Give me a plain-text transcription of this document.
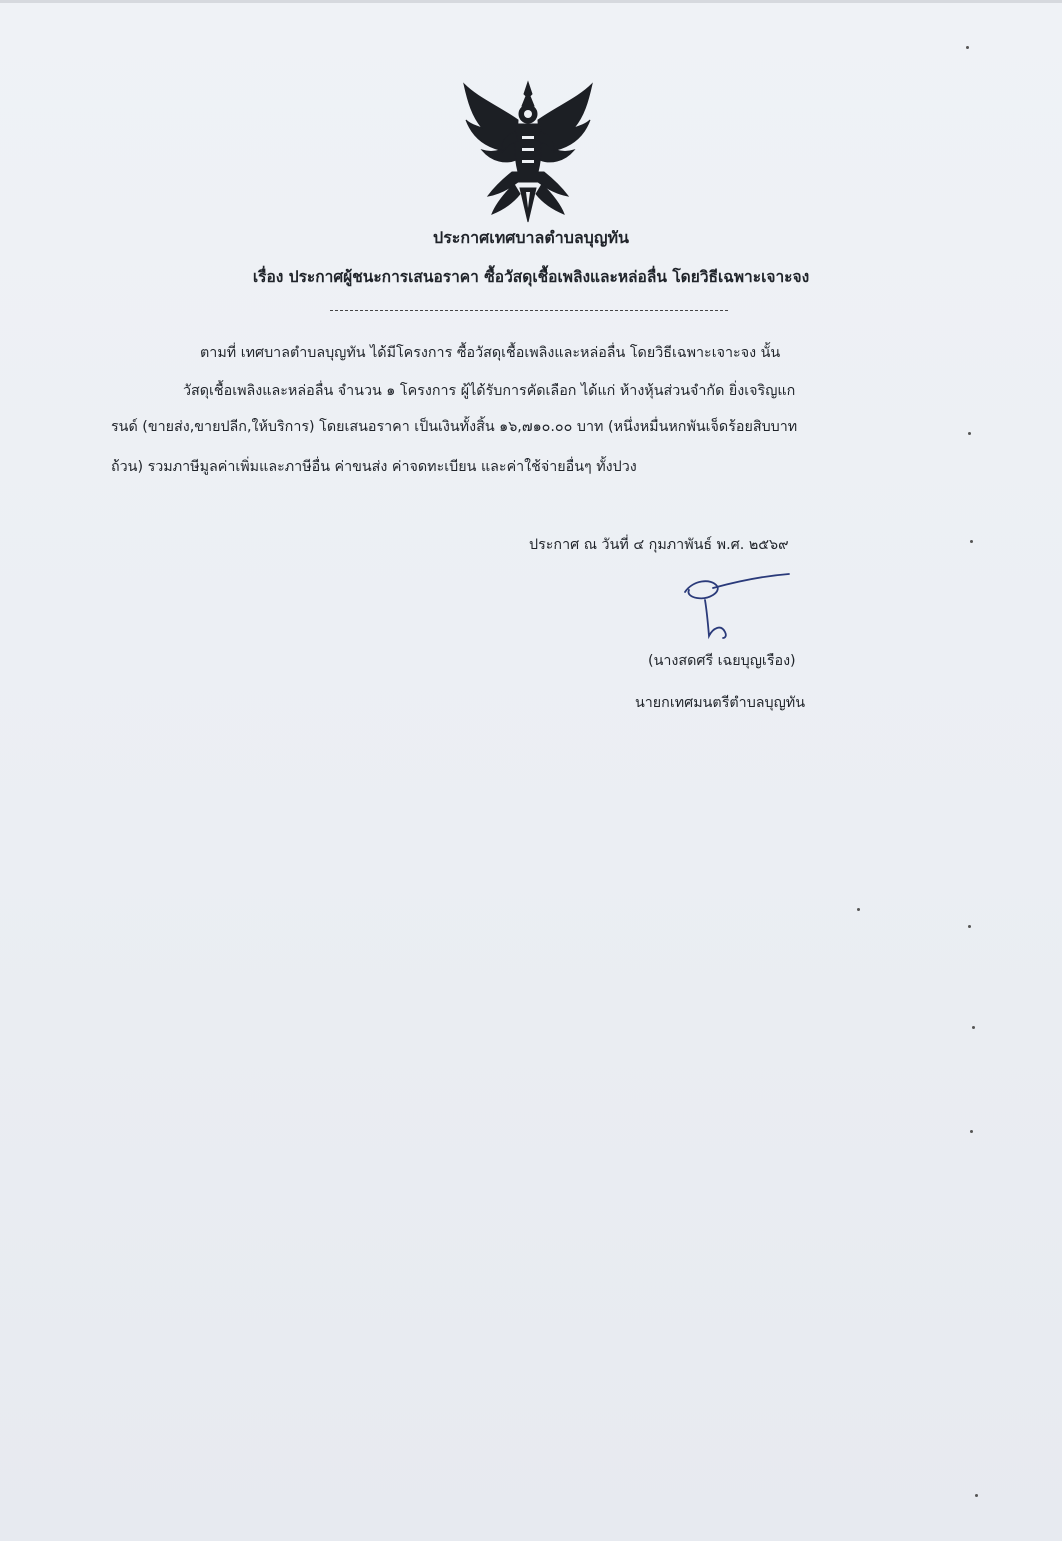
ประกาศเทศบาลตำบลบุญทัน
เรื่อง ประกาศผู้ชนะการเสนอราคา ซื้อวัสดุเชื้อเพลิงและหล่อลื่น โดยวิธีเฉพาะเจาะจง
ตามที่ เทศบาลตำบลบุญทัน ได้มีโครงการ ซื้อวัสดุเชื้อเพลิงและหล่อลื่น โดยวิธีเฉพาะเจาะจง นั้น
วัสดุเชื้อเพลิงและหล่อลื่น จำนวน ๑ โครงการ ผู้ได้รับการคัดเลือก ได้แก่ ห้างหุ้นส่วนจำกัด ยิ่งเจริญแก
รนด์ (ขายส่ง,ขายปลีก,ให้บริการ) โดยเสนอราคา เป็นเงินทั้งสิ้น ๑๖,๗๑๐.๐๐ บาท (หนึ่งหมื่นหกพันเจ็ดร้อยสิบบาท
ถ้วน) รวมภาษีมูลค่าเพิ่มและภาษีอื่น ค่าขนส่ง ค่าจดทะเบียน และค่าใช้จ่ายอื่นๆ ทั้งปวง
ประกาศ ณ วันที่ ๔ กุมภาพันธ์ พ.ศ. ๒๕๖๙
(นางสดศรี เฉยบุญเรือง)
นายกเทศมนตรีตำบลบุญทัน
